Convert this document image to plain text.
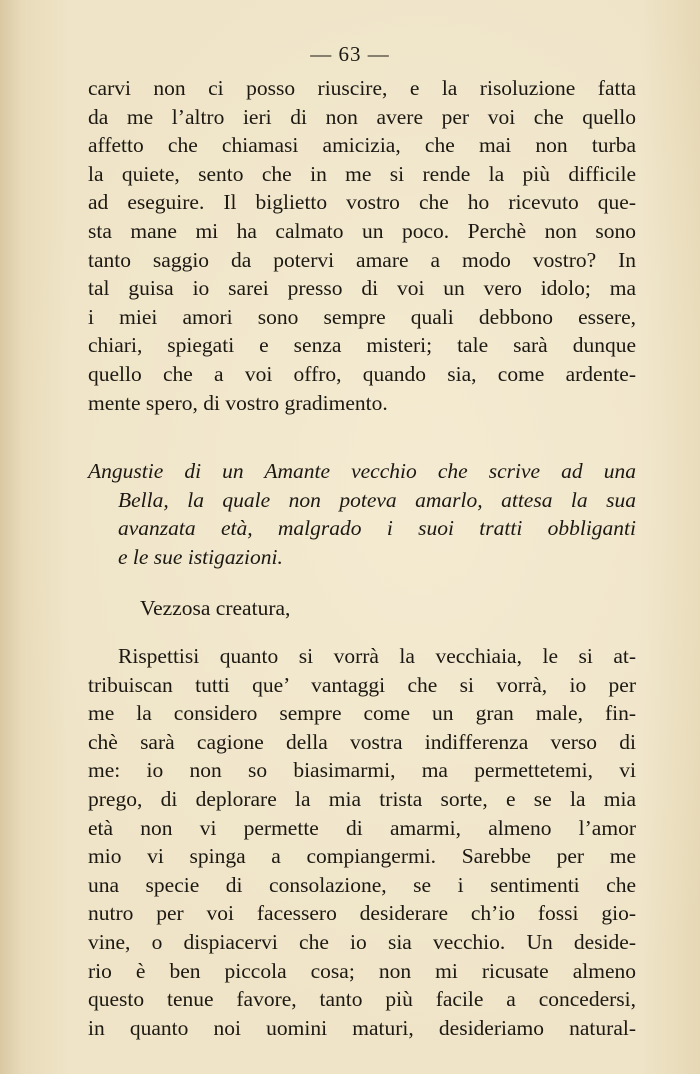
— 63 —
carvi non ci posso riuscire, e la risoluzione fatta
da me l’altro ieri di non avere per voi che quello
affetto che chiamasi amicizia, che mai non turba
la quiete, sento che in me si rende la più difficile
ad eseguire. Il biglietto vostro che ho ricevuto que-
sta mane mi ha calmato un poco. Perchè non sono
tanto saggio da potervi amare a modo vostro? In
tal guisa io sarei presso di voi un vero idolo; ma
i miei amori sono sempre quali debbono essere,
chiari, spiegati e senza misteri; tale sarà dunque
quello che a voi offro, quando sia, come ardente-
mente spero, di vostro gradimento.
Angustie di un Amante vecchio che scrive ad una
Bella, la quale non poteva amarlo, attesa la sua
avanzata età, malgrado i suoi tratti obbliganti
e le sue istigazioni.
Vezzosa creatura,
Rispettisi quanto si vorrà la vecchiaia, le si at-
tribuiscan tutti que’ vantaggi che si vorrà, io per
me la considero sempre come un gran male, fin-
chè sarà cagione della vostra indifferenza verso di
me: io non so biasimarmi, ma permettetemi, vi
prego, di deplorare la mia trista sorte, e se la mia
età non vi permette di amarmi, almeno l’amor
mio vi spinga a compiangermi. Sarebbe per me
una specie di consolazione, se i sentimenti che
nutro per voi facessero desiderare ch’io fossi gio-
vine, o dispiacervi che io sia vecchio. Un deside-
rio è ben piccola cosa; non mi ricusate almeno
questo tenue favore, tanto più facile a concedersi,
in quanto noi uomini maturi, desideriamo natural-
